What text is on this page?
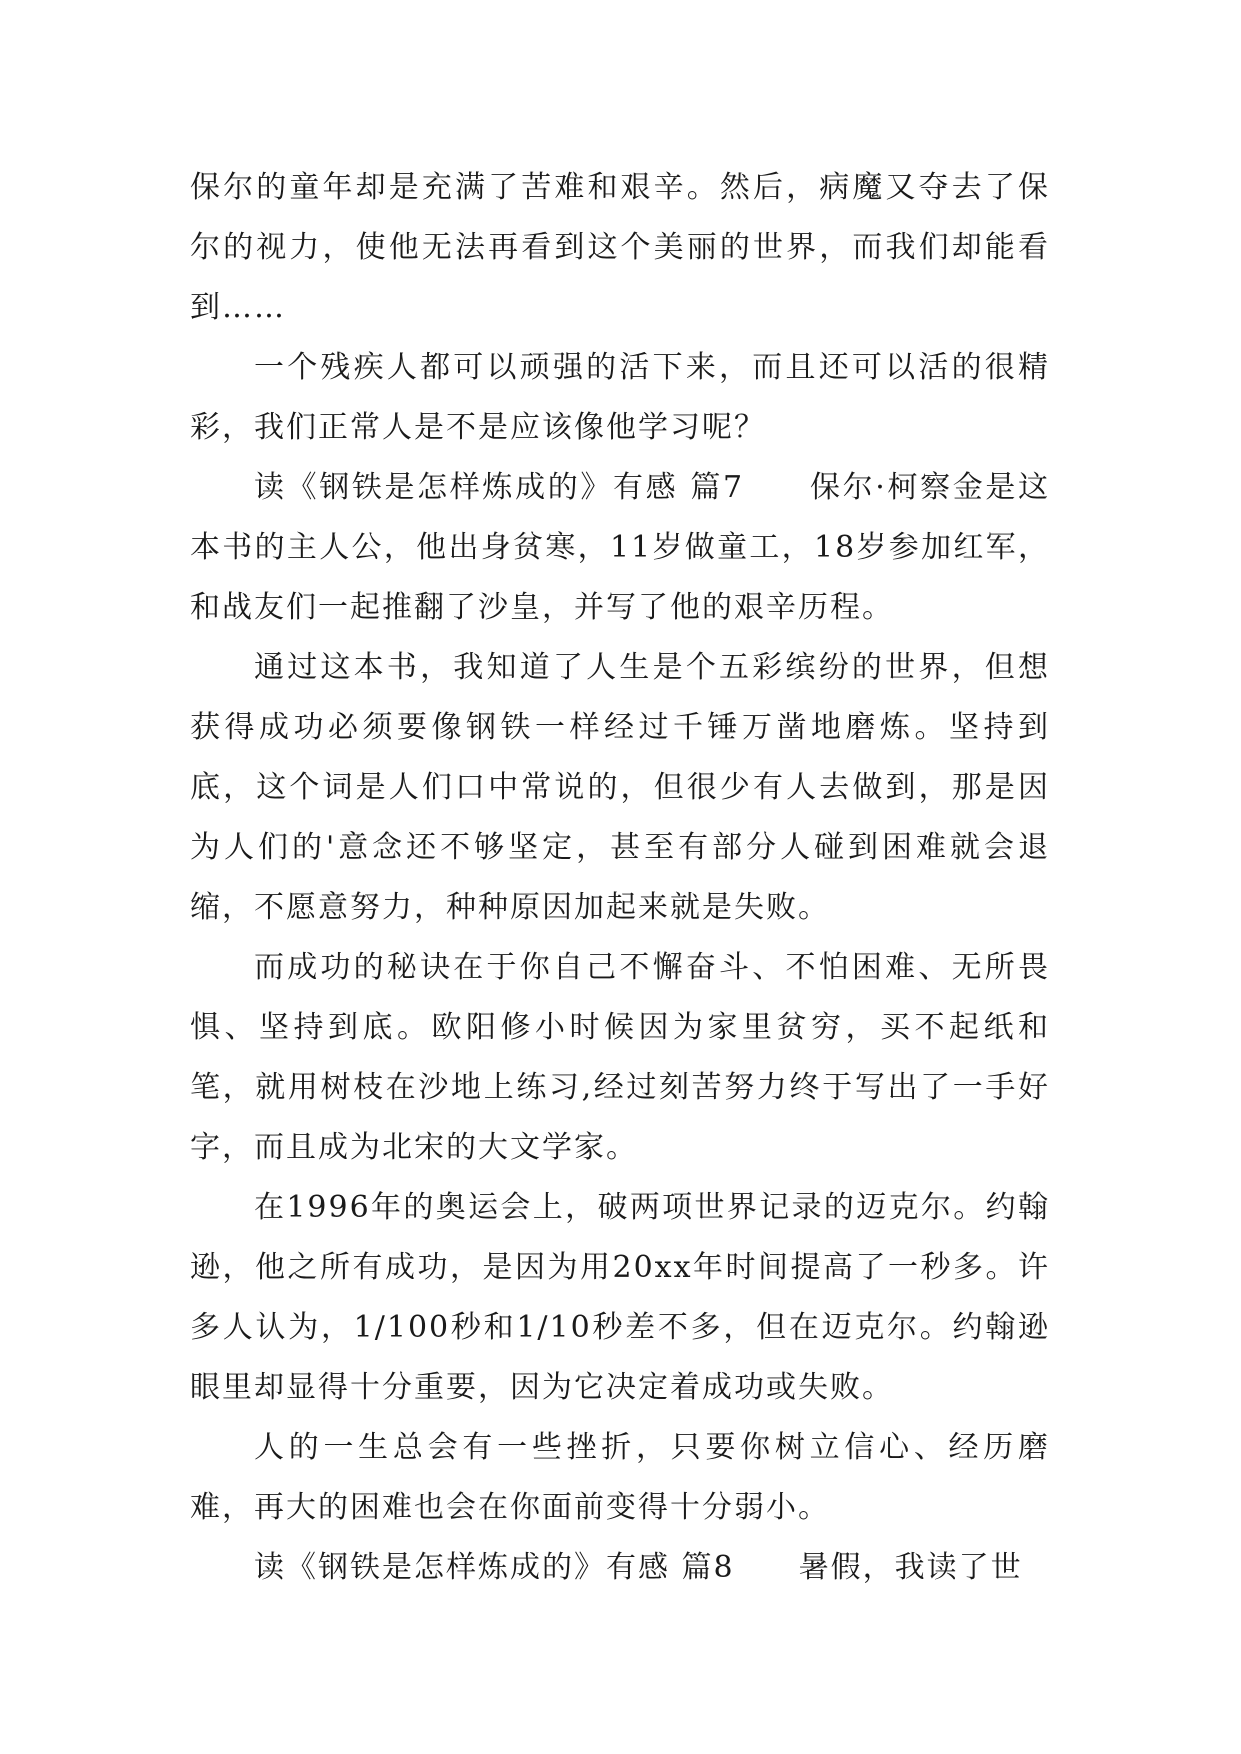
保尔的童年却是充满了苦难和艰辛。然后，病魔又夺去了保尔的视力，使他无法再看到这个美丽的世界，而我们却能看到……

一个残疾人都可以顽强的活下来，而且还可以活的很精彩，我们正常人是不是应该像他学习呢？

读《钢铁是怎样炼成的》有感 篇7　　保尔·柯察金是这本书的主人公，他出身贫寒，11岁做童工，18岁参加红军，和战友们一起推翻了沙皇，并写了他的艰辛历程。

通过这本书，我知道了人生是个五彩缤纷的世界，但想获得成功必须要像钢铁一样经过千锤万凿地磨炼。坚持到底，这个词是人们口中常说的，但很少有人去做到，那是因为人们的'意念还不够坚定，甚至有部分人碰到困难就会退缩，不愿意努力，种种原因加起来就是失败。

而成功的秘诀在于你自己不懈奋斗、不怕困难、无所畏惧、坚持到底。欧阳修小时候因为家里贫穷，买不起纸和笔，就用树枝在沙地上练习,经过刻苦努力终于写出了一手好字，而且成为北宋的大文学家。

在1996年的奥运会上，破两项世界记录的迈克尔。约翰逊，他之所有成功，是因为用20xx年时间提高了一秒多。许多人认为，1/100秒和1/10秒差不多，但在迈克尔。约翰逊眼里却显得十分重要，因为它决定着成功或失败。

人的一生总会有一些挫折，只要你树立信心、经历磨难，再大的困难也会在你面前变得十分弱小。

读《钢铁是怎样炼成的》有感 篇8　　暑假，我读了世
